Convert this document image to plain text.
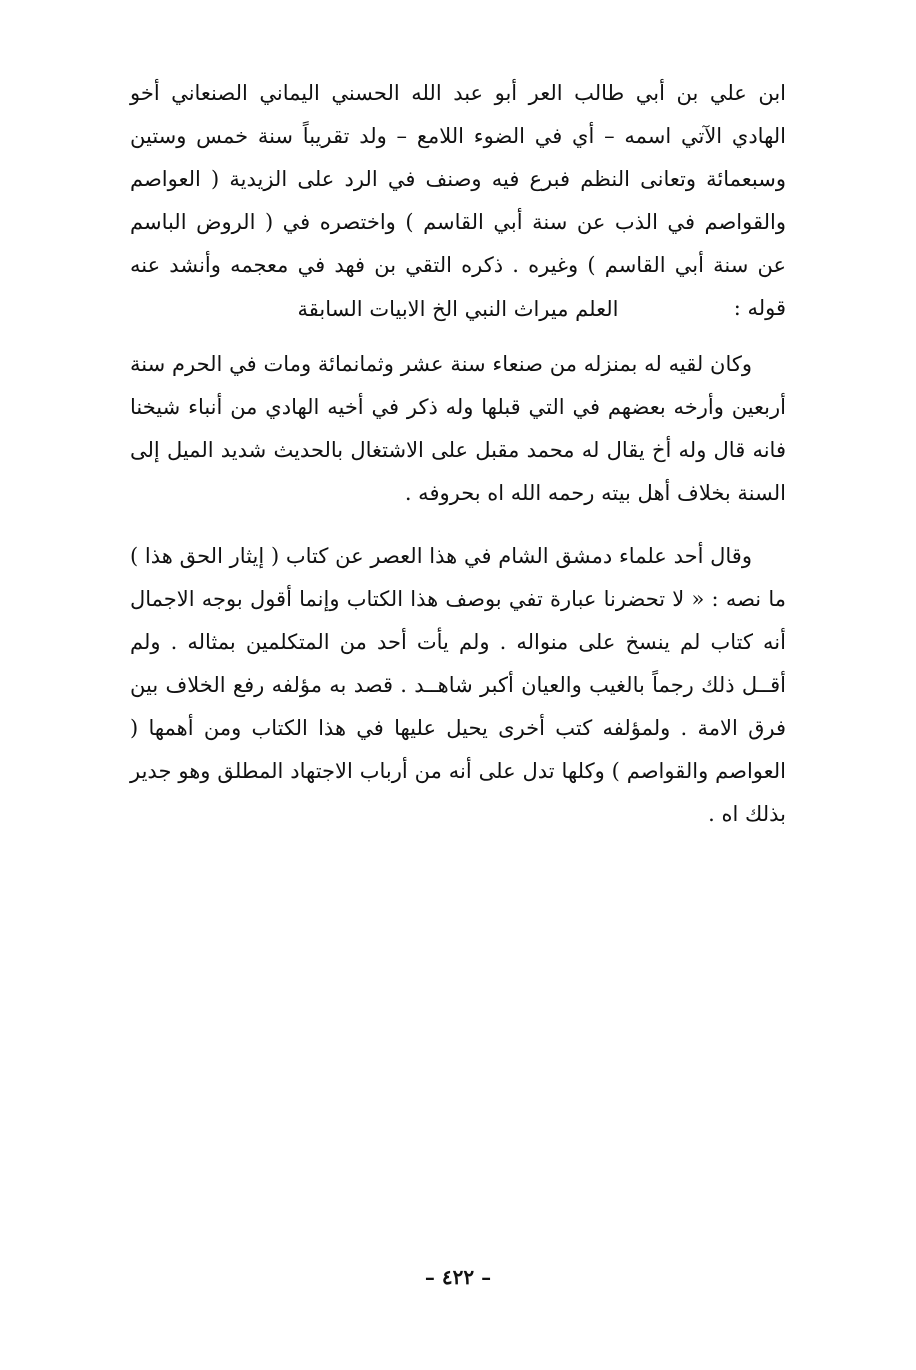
ابن علي بن أبي طالب العر أبو عبد الله الحسني اليماني الصنعاني أخو الهادي الآتي اسمه – أي في الضوء اللامع – ولد تقريباً سنة خمس وستين وسبعمائة وتعانى النظم فبرع فيه وصنف في الرد على الزيدية ( العواصم والقواصم في الذب عن سنة أبي القاسم ) واختصره في ( الروض الباسم عن سنة أبي القاسم ) وغيره . ذكره التقي بن فهد في معجمه وأنشد عنه قوله :

العلم ميراث النبي الخ الابيات السابقة

وكان لقيه له بمنزله من صنعاء سنة عشر وثمانمائة ومات في الحرم سنة أربعين وأرخه بعضهم في التي قبلها وله ذكر في أخيه الهادي من أنباء شيخنا فانه قال وله أخ يقال له محمد مقبل على الاشتغال بالحديث شديد الميل إلى السنة بخلاف أهل بيته رحمه الله اه بحروفه .

وقال أحد علماء دمشق الشام في هذا العصر عن كتاب ( إيثار الحق هذا ) ما نصه : « لا تحضرنا عبارة تفي بوصف هذا الكتاب وإنما أقول بوجه الاجمال أنه كتاب لم ينسخ على منواله . ولم يأت أحد من المتكلمين بمثاله . ولم أقــل ذلك رجماً بالغيب والعيان أكبر شاهــد . قصد به مؤلفه رفع الخلاف بين فرق الامة . ولمؤلفه كتب أخرى يحيل عليها في هذا الكتاب ومن أهمها ( العواصم والقواصم ) وكلها تدل على أنه من أرباب الاجتهاد المطلق وهو جدير بذلك اه .

– ٤٢٢ –
